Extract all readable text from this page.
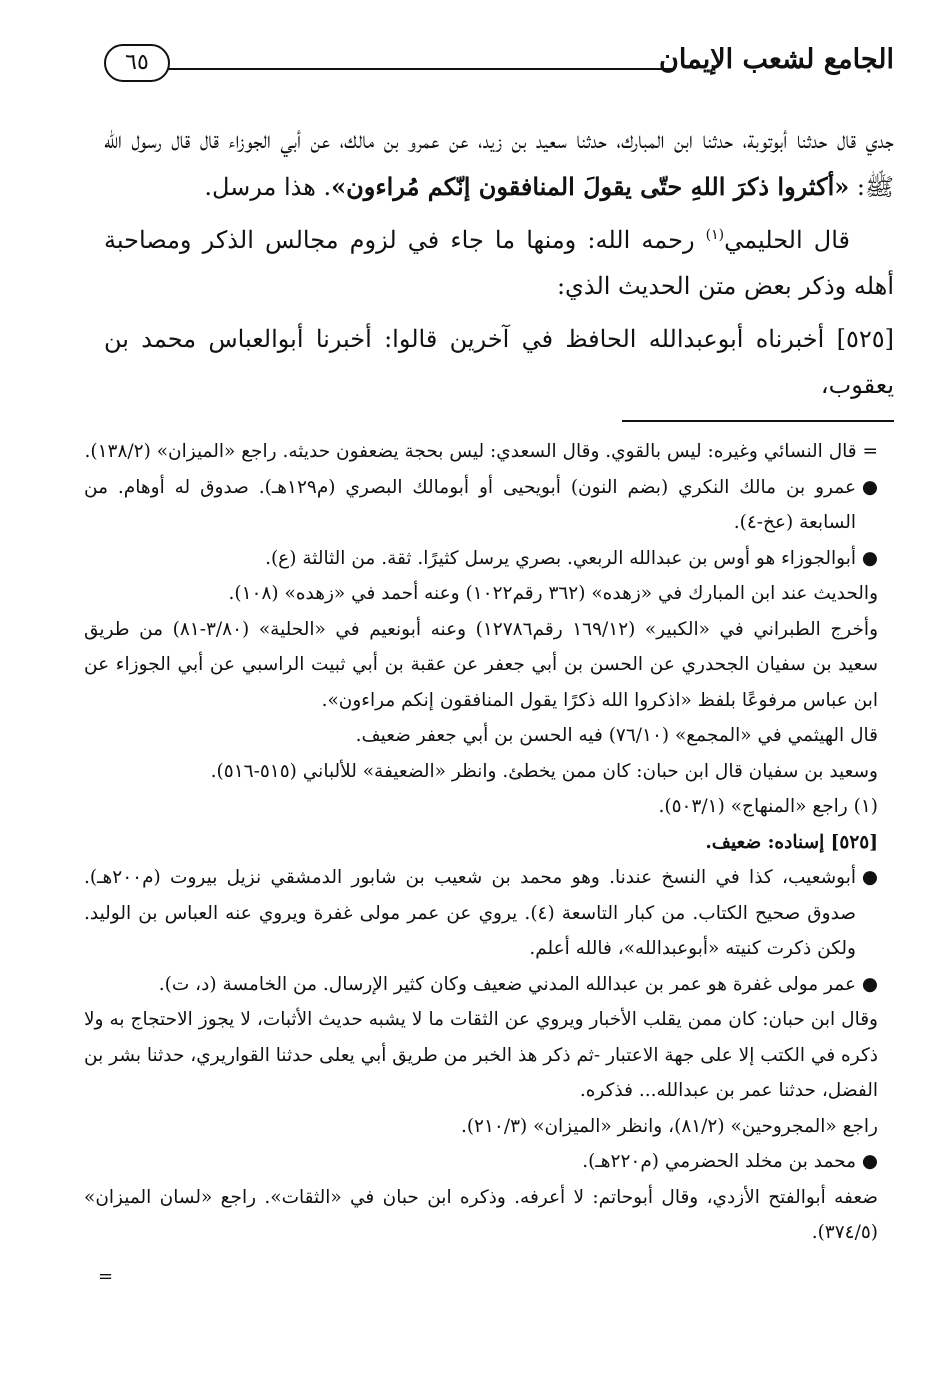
الجامع لشعب الإيمان
٦٥

جدي قال حدثنا أبوتوبة، حدثنا ابن المبارك، حدثنا سعيد بن زيد، عن عمرو بن مالك، عن أبي الجوزاء قال قال رسول الله ﷺ: «أكثروا ذكرَ اللهِ حتّى يقولَ المنافقون إنّكم مُراءون». هذا مرسل.

قال الحليمي$^{(١)}$ رحمه الله: ومنها ما جاء في لزوم مجالس الذكر ومصاحبة أهله وذكر بعض متن الحديث الذي:

[٥٢٥] أخبرناه أبوعبدالله الحافظ في آخرين قالوا: أخبرنا أبوالعباس محمد بن يعقوب،

= قال النسائي وغيره: ليس بالقوي. وقال السعدي: ليس بحجة يضعفون حديثه. راجع «الميزان» (١٣٨/٢).

●عمرو بن مالك النكري (بضم النون) أبويحيى أو أبومالك البصري (م١٢٩هـ). صدوق له أوهام. من السابعة (عخ-٤).

●أبوالجوزاء هو أوس بن عبدالله الربعي. بصري يرسل كثيرًا. ثقة. من الثالثة (ع).

والحديث عند ابن المبارك في «زهده» (٣٦٢ رقم١٠٢٢) وعنه أحمد في «زهده» (١٠٨).

وأخرج الطبراني في «الكبير» (١٦٩/١٢ رقم١٢٧٨٦) وعنه أبونعيم في «الحلية» (٣/٨٠-٨١) من طريق سعيد بن سفيان الجحدري عن الحسن بن أبي جعفر عن عقبة بن أبي ثبيت الراسبي عن أبي الجوزاء عن ابن عباس مرفوعًا بلفظ «اذكروا الله ذكرًا يقول المنافقون إنكم مراءون».

قال الهيثمي في «المجمع» (٧٦/١٠) فيه الحسن بن أبي جعفر ضعيف.

وسعيد بن سفيان قال ابن حبان: كان ممن يخطئ. وانظر «الضعيفة» للألباني (٥١٥-٥١٦).

(١) راجع «المنهاج» (٥٠٣/١).

[٥٢٥] إسناده: ضعيف.

●أبوشعيب، كذا في النسخ عندنا. وهو محمد بن شعيب بن شابور الدمشقي نزيل بيروت (م٢٠٠هـ). صدوق صحيح الكتاب. من كبار التاسعة (٤). يروي عن عمر مولى غفرة ويروي عنه العباس بن الوليد. ولكن ذكرت كنيته «أبوعبدالله»، فالله أعلم.

●عمر مولى غفرة هو عمر بن عبدالله المدني ضعيف وكان كثير الإرسال. من الخامسة (د، ت).

وقال ابن حبان: كان ممن يقلب الأخبار ويروي عن الثقات ما لا يشبه حديث الأثبات، لا يجوز الاحتجاج به ولا ذكره في الكتب إلا على جهة الاعتبار -ثم ذكر هذ الخبر من طريق أبي يعلى حدثنا القواريري، حدثنا بشر بن الفضل، حدثنا عمر بن عبدالله... فذكره.

راجع «المجروحين» (٨١/٢)، وانظر «الميزان» (٢١٠/٣).

●محمد بن مخلد الحضرمي (م٢٢٠هـ).

ضعفه أبوالفتح الأزدي، وقال أبوحاتم: لا أعرفه. وذكره ابن حبان في «الثقات». راجع «لسان الميزان» (٣٧٤/٥).

=
